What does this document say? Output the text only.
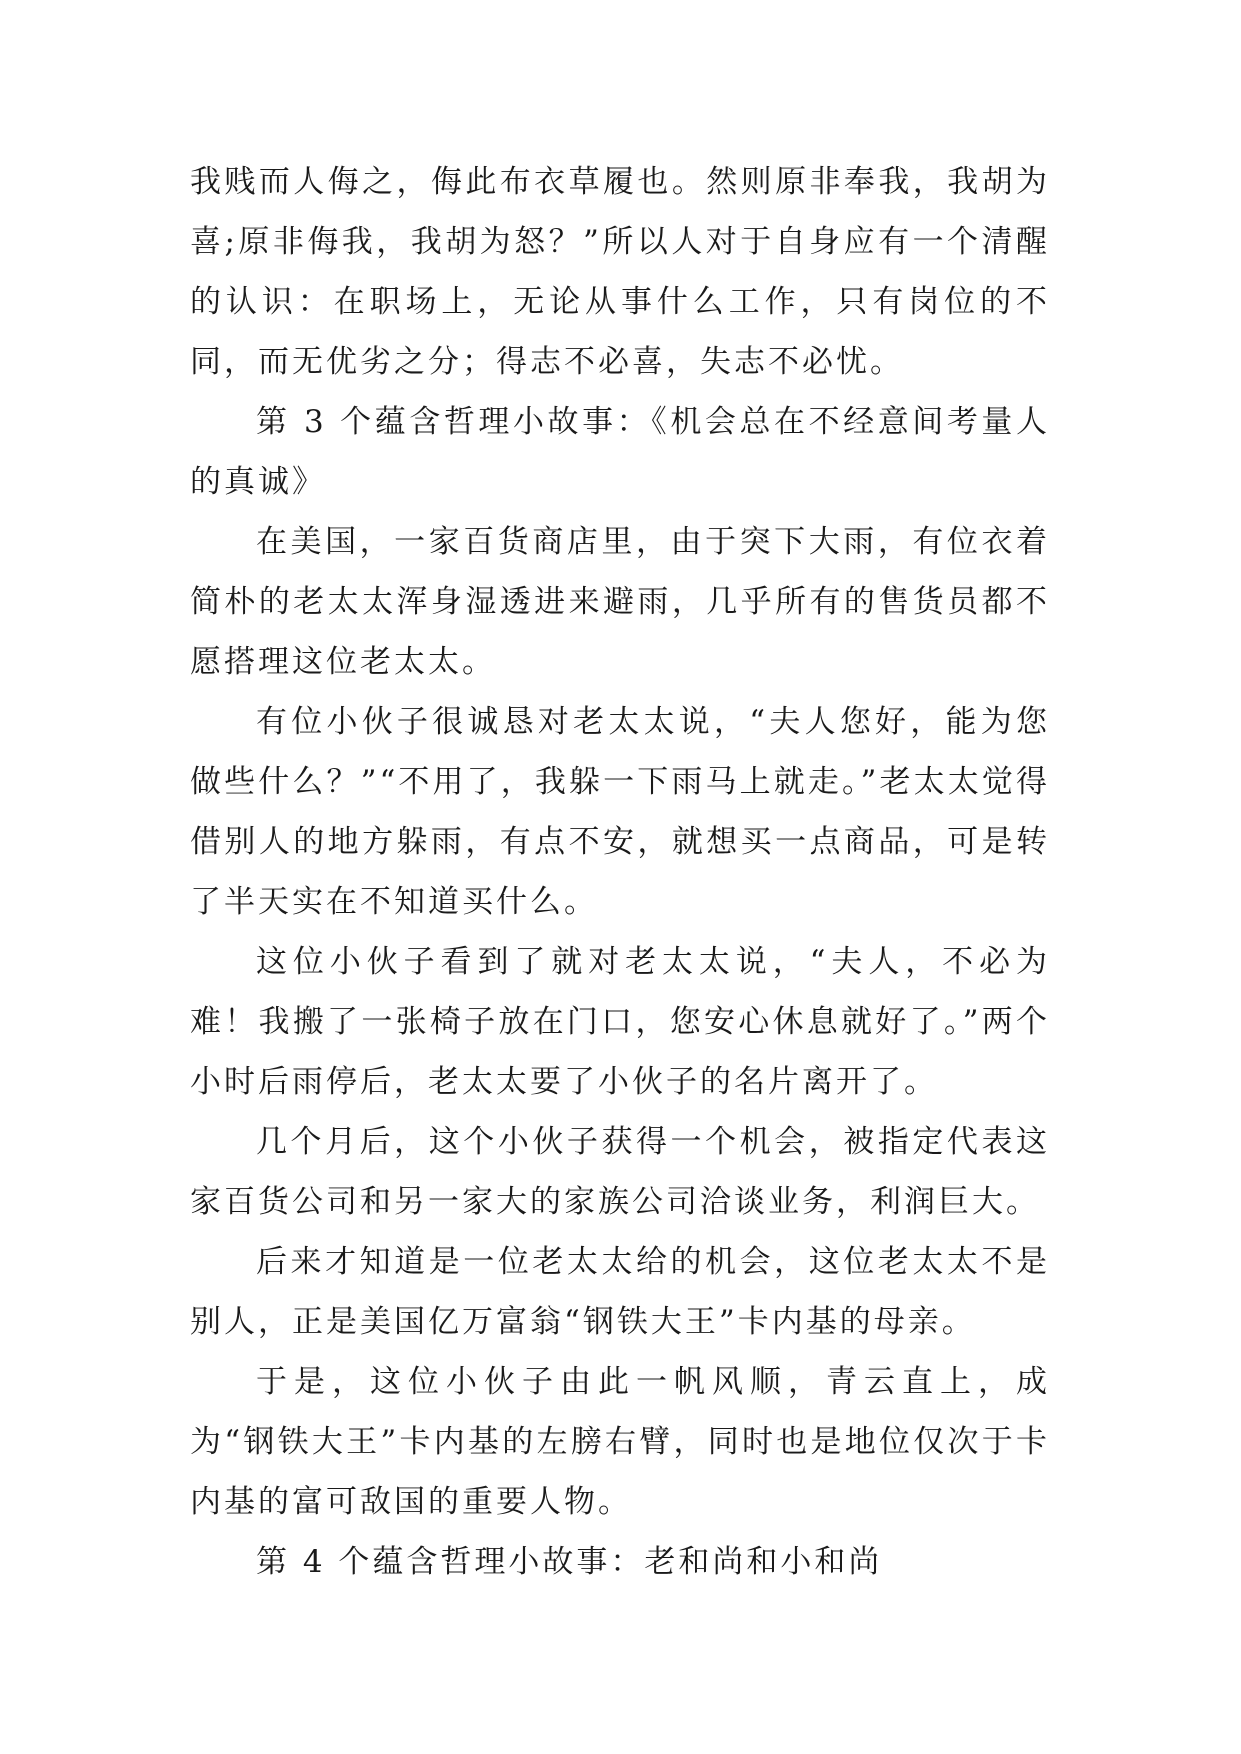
我贱而人侮之，侮此布衣草履也。然则原非奉我，我胡为喜;原非侮我，我胡为怒？”所以人对于自身应有一个清醒的认识：在职场上，无论从事什么工作，只有岗位的不同，而无优劣之分；得志不必喜，失志不必忧。

第 3 个蕴含哲理小故事：《机会总在不经意间考量人的真诚》

在美国，一家百货商店里，由于突下大雨，有位衣着简朴的老太太浑身湿透进来避雨，几乎所有的售货员都不愿搭理这位老太太。

有位小伙子很诚恳对老太太说，“夫人您好，能为您做些什么？”“不用了，我躲一下雨马上就走。”老太太觉得借别人的地方躲雨，有点不安，就想买一点商品，可是转了半天实在不知道买什么。

这位小伙子看到了就对老太太说，“夫人，不必为难！我搬了一张椅子放在门口，您安心休息就好了。”两个小时后雨停后，老太太要了小伙子的名片离开了。

几个月后，这个小伙子获得一个机会，被指定代表这家百货公司和另一家大的家族公司洽谈业务，利润巨大。

后来才知道是一位老太太给的机会，这位老太太不是别人，正是美国亿万富翁“钢铁大王”卡内基的母亲。

于是，这位小伙子由此一帆风顺，青云直上，成为“钢铁大王”卡内基的左膀右臂，同时也是地位仅次于卡内基的富可敌国的重要人物。

第 4 个蕴含哲理小故事：老和尚和小和尚
